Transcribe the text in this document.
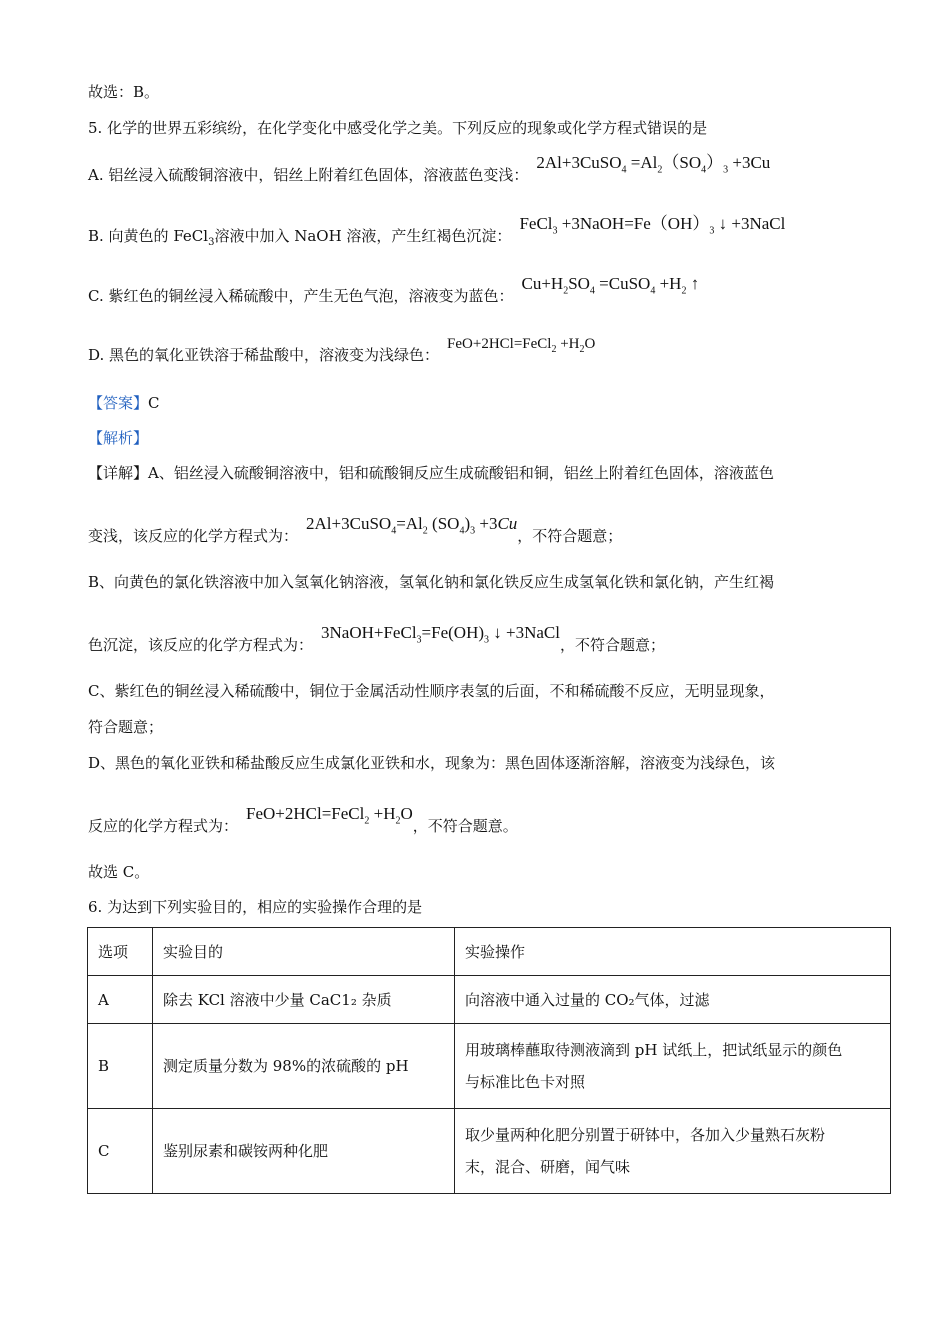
故选：B。
5. 化学的世界五彩缤纷，在化学变化中感受化学之美。下列反应的现象或化学方程式错误的是
A. 铝丝浸入硫酸铜溶液中，铝丝上附着红色固体，溶液蓝色变浅：2Al+3CuSO$_4$ $=Al_2(SO_4)_3 +3Cu$
B. 向黄色的 FeCl$_3$溶液中加入 NaOH 溶液，产生红褐色沉淀：FeCl$_3$ $+3NaOH=Fe(OH)_3$ ↓ +3NaCl
C. 紫红色的铜丝浸入稀硫酸中，产生无色气泡，溶液变为蓝色：$Cu+H_2SO_4$ =CuSO$_4$ $+H_2$ ↑
D. 黑色的氧化亚铁溶于稀盐酸中，溶液变为浅绿色：FeO+2HCl=FeCl$_2$ $+H_2O$
【答案】C
【解析】
【详解】A、铝丝浸入硫酸铜溶液中，铝和硫酸铜反应生成硫酸铝和铜，铝丝上附着红色固体，溶液蓝色
变浅，该反应的化学方程式为：$2Al+3CuSO_4=Al_2$ $(SO_4)_3 +3Cu$，不符合题意；
B、向黄色的氯化铁溶液中加入氢氧化钠溶液，氢氧化钠和氯化铁反应生成氢氧化铁和氯化钠，产生红褐
色沉淀，该反应的化学方程式为：$3NaOH+FeCl_3=Fe(OH)_3$ ↓ +3NaCl，不符合题意；
C、紫红色的铜丝浸入稀硫酸中，铜位于金属活动性顺序表氢的后面，不和稀硫酸不反应，无明显现象，
符合题意；
D、黑色的氧化亚铁和稀盐酸反应生成氯化亚铁和水，现象为：黑色固体逐渐溶解，溶液变为浅绿色，该
反应的化学方程式为：FeO+2HCl=FeCl$_2$ $+H_2O$，不符合题意。
故选 C。
6. 为达到下列实验目的，相应的实验操作合理的是
选项	实验目的	实验操作
A	除去 KCl 溶液中少量 CaC1₂ 杂质	向溶液中通入过量的 CO₂气体，过滤
B	测定质量分数为 98%的浓硫酸的 pH	用玻璃棒蘸取待测液滴到 pH 试纸上，把试纸显示的颜色
与标准比色卡对照

C	鉴别尿素和碳铵两种化肥	取少量两种化肥分别置于研钵中，各加入少量熟石灰粉
末，混合、研磨，闻气味
